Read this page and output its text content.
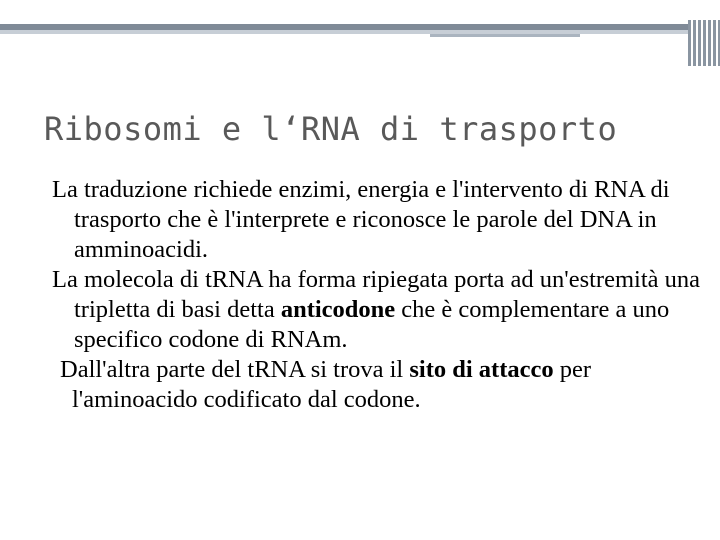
Ribosomi e l‘RNA di trasporto

La traduzione richiede enzimi, energia e l'intervento di RNA di trasporto che è l'interprete e riconosce le parole del DNA in amminoacidi.

La molecola di tRNA ha forma ripiegata porta ad un'estremità una tripletta di basi detta anticodone che è complementare a uno specifico codone di RNAm.

Dall'altra parte del tRNA si trova il sito di attacco per l'aminoacido codificato dal codone.
